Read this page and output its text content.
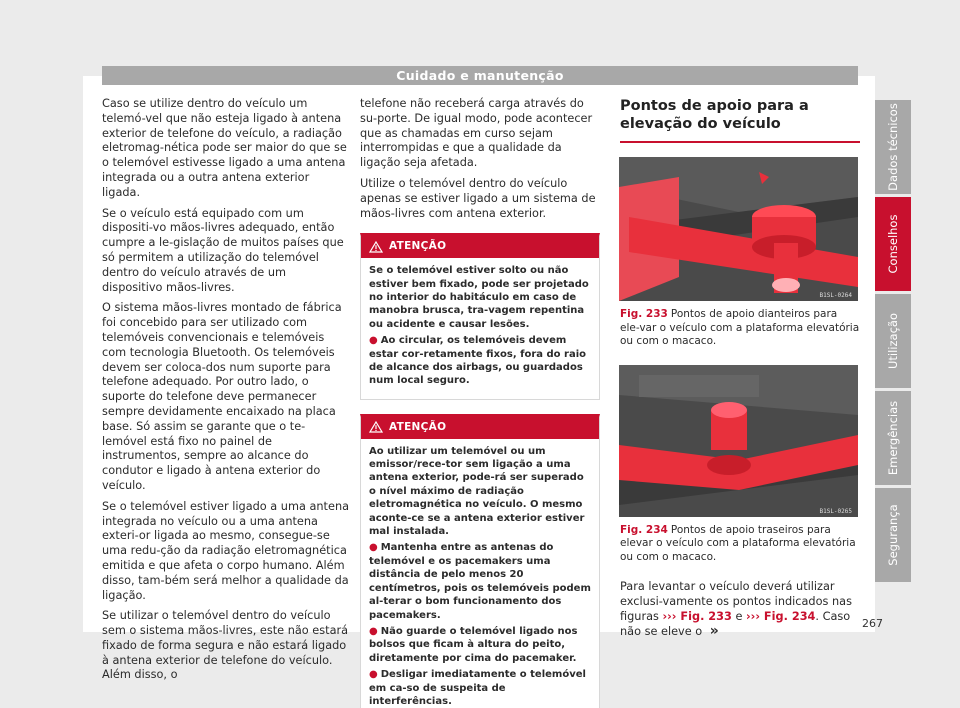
Cuidado e manutenção

Caso se utilize dentro do veículo um telemó-vel que não esteja ligado à antena exterior de telefone do veículo, a radiação eletromag-nética pode ser maior do que se o telemóvel estivesse ligado a uma antena integrada ou a outra antena exterior ligada.

Se o veículo está equipado com um dispositi-vo mãos-livres adequado, então cumpre a le-gislação de muitos países que só permitem a utilização do telemóvel dentro do veículo através de um dispositivo mãos-livres.

O sistema mãos-livres montado de fábrica foi concebido para ser utilizado com telemóveis convencionais e telemóveis com tecnologia Bluetooth. Os telemóveis devem ser coloca-dos num suporte para telefone adequado. Por outro lado, o suporte do telefone deve permanecer sempre devidamente encaixado na placa base. Só assim se garante que o te-lemóvel está fixo no painel de instrumentos, sempre ao alcance do condutor e ligado à antena exterior do veículo.

Se o telemóvel estiver ligado a uma antena integrada no veículo ou a uma antena exteri-or ligada ao mesmo, consegue-se uma redu-ção da radiação eletromagnética emitida e que afeta o corpo humano. Além disso, tam-bém será melhor a qualidade da ligação.

Se utilizar o telemóvel dentro do veículo sem o sistema mãos-livres, este não estará fixado de forma segura e não estará ligado à antena exterior de telefone do veículo. Além disso, o

telefone não receberá carga através do su-porte. De igual modo, pode acontecer que as chamadas em curso sejam interrompidas e que a qualidade da ligação seja afetada.

Utilize o telemóvel dentro do veículo apenas se estiver ligado a um sistema de mãos-livres com antena exterior.

ATENÇÃO

Se o telemóvel estiver solto ou não estiver bem fixado, pode ser projetado no interior do habitáculo em caso de manobra brusca, tra-vagem repentina ou acidente e causar lesões.

● Ao circular, os telemóveis devem estar cor-retamente fixos, fora do raio de alcance dos airbags, ou guardados num local seguro.

ATENÇÃO

Ao utilizar um telemóvel ou um emissor/rece-tor sem ligação a uma antena exterior, pode-rá ser superado o nível máximo de radiação eletromagnética no veículo. O mesmo aconte-ce se a antena exterior estiver mal instalada.

● Mantenha entre as antenas do telemóvel e os pacemakers uma distância de pelo menos 20 centímetros, pois os telemóveis podem al-terar o bom funcionamento dos pacemakers.

● Não guarde o telemóvel ligado nos bolsos que ficam à altura do peito, diretamente por cima do pacemaker.

● Desligar imediatamente o telemóvel em ca-so de suspeita de interferências.

Pontos de apoio para a elevação do veículo
B1SL-0264
Fig. 233 Pontos de apoio dianteiros para ele-var o veículo com a plataforma elevatória ou com o macaco.
B1SL-0265
Fig. 234 Pontos de apoio traseiros para elevar o veículo com a plataforma elevatória ou com o macaco.

Para levantar o veículo deverá utilizar exclusi-vamente os pontos indicados nas figuras ››› Fig. 233 e ››› Fig. 234. Caso não se eleve o »

Dados técnicos
Conselhos
Utilização
Emergências
Segurança
267
